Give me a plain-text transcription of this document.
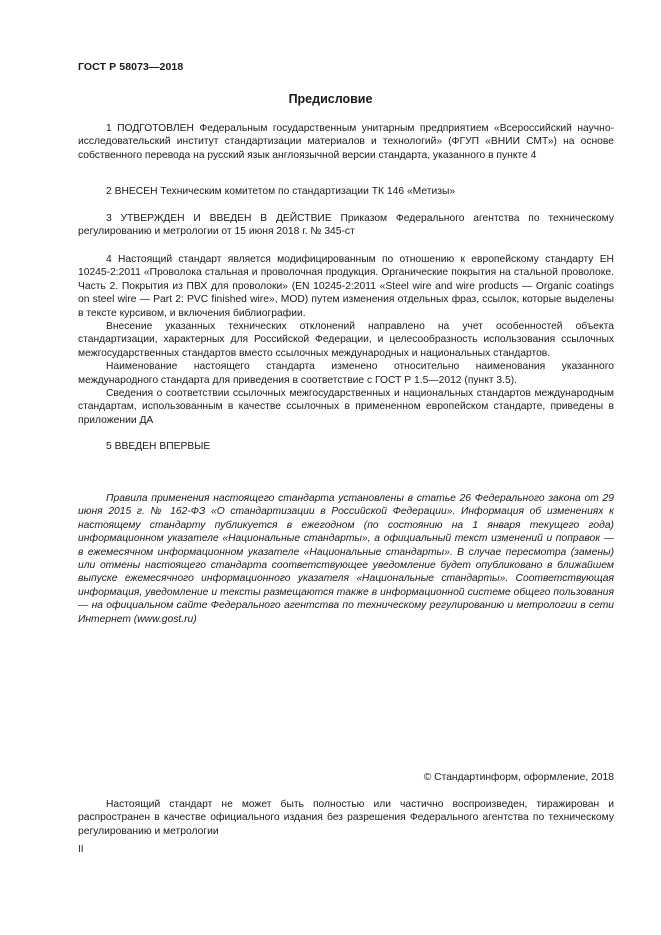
ГОСТ Р 58073—2018
Предисловие

1 ПОДГОТОВЛЕН Федеральным государственным унитарным предприятием «Всероссийский научно-исследовательский институт стандартизации материалов и технологий» (ФГУП «ВНИИ СМТ») на основе собственного перевода на русский язык англоязычной версии стандарта, указанного в пункте 4

2 ВНЕСЕН Техническим комитетом по стандартизации ТК 146 «Метизы»

3 УТВЕРЖДЕН И ВВЕДЕН В ДЕЙСТВИЕ Приказом Федерального агентства по техническому регулированию и метрологии от 15 июня 2018 г. № 345-ст

4 Настоящий стандарт является модифицированным по отношению к европейскому стандарту ЕН 10245-2:2011 «Проволока стальная и проволочная продукция. Органические покрытия на стальной проволоке. Часть 2. Покрытия из ПВХ для проволоки» (EN 10245-2:2011 «Steel wire and wire products — Organic coatings on steel wire — Part 2: PVC finished wire», MOD) путем изменения отдельных фраз, ссылок, которые выделены в тексте курсивом, и включения библиографии.

Внесение указанных технических отклонений направлено на учет особенностей объекта стандартизации, характерных для Российской Федерации, и целесообразность использования ссылочных межгосударственных стандартов вместо ссылочных международных и национальных стандартов.

Наименование настоящего стандарта изменено относительно наименования указанного международного стандарта для приведения в соответствие с ГОСТ Р 1.5—2012 (пункт 3.5).

Сведения о соответствии ссылочных межгосударственных и национальных стандартов международным стандартам, использованным в качестве ссылочных в примененном европейском стандарте, приведены в приложении ДА

5 ВВЕДЕН ВПЕРВЫЕ

Правила применения настоящего стандарта установлены в статье 26 Федерального закона от 29 июня 2015 г. № 162-ФЗ «О стандартизации в Российской Федерации». Информация об изменениях к настоящему стандарту публикуется в ежегодном (по состоянию на 1 января текущего года) информационном указателе «Национальные стандарты», а официальный текст изменений и поправок — в ежемесячном информационном указателе «Национальные стандарты». В случае пересмотра (замены) или отмены настоящего стандарта соответствующее уведомление будет опубликовано в ближайшем выпуске ежемесячного информационного указателя «Национальные стандарты». Соответствующая информация, уведомление и тексты размещаются также в информационной системе общего пользования — на официальном сайте Федерального агентства по техническому регулированию и метрологии в сети Интернет (www.gost.ru)

© Стандартинформ, оформление, 2018

Настоящий стандарт не может быть полностью или частично воспроизведен, тиражирован и распространен в качестве официального издания без разрешения Федерального агентства по техническому регулированию и метрологии

II
